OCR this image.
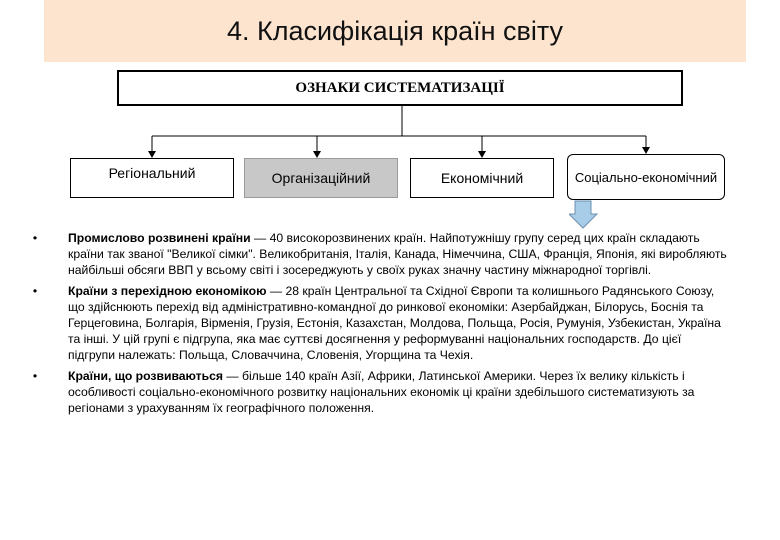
4. Класифікація країн світу
ОЗНАКИ СИСТЕМАТИЗАЦІЇ
Регіональний	Організаційний	Економічний	Соціально-економічний
•	Промислово розвинені країни — 40 високорозвинених країн. Найпотужнішу групу серед цих країн складають країни так званої "Великої сімки". Великобританія, Італія, Канада, Німеччина, США, Франція, Японія, які виробляють найбільші обсяги ВВП у всьому світі і зосереджують у своїх руках значну частину міжнародної торгівлі.
•	Країни з перехідною економікою — 28 країн Центральної та Східної Європи та колишнього Радянського Союзу, що здійснюють перехід від адміністративно-командної до ринкової економіки: Азербайджан, Білорусь, Боснія та Герцеговина, Болгарія, Вірменія, Грузія, Естонія, Казахстан, Молдова, Польща, Росія, Румунія, Узбекистан, Україна та інші. У цій групі є підгрупа, яка має суттєві досягнення у реформуванні національних господарств. До цієї підгрупи належать: Польща, Словаччина, Словенія, Угорщина та Чехія.
•	Країни, що розвиваються — більше 140 країн Азії, Африки, Латинської Америки. Через їх велику кількість і особливості соціально-економічного розвитку національних економік ці країни здебільшого систематизують за регіонами з урахуванням їх географічного положення.
